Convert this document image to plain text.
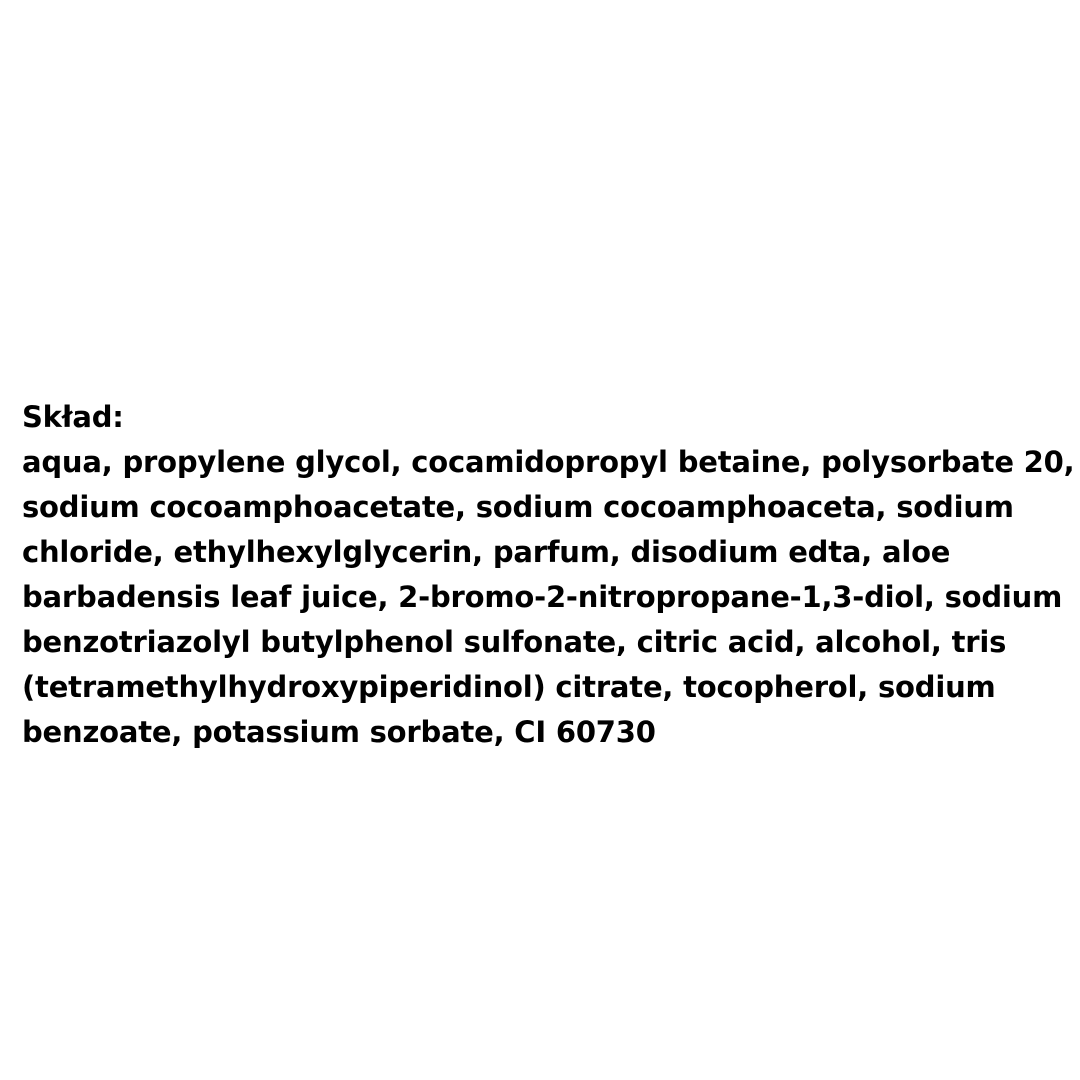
Skład:
aqua, propylene glycol, cocamidopropyl betaine, polysorbate 20,
sodium cocoamphoacetate, sodium cocoamphoaceta, sodium
chloride, ethylhexylglycerin, parfum, disodium edta, aloe
barbadensis leaf juice, 2-bromo-2-nitropropane-1,3-diol, sodium
benzotriazolyl butylphenol sulfonate, citric acid, alcohol, tris
(tetramethylhydroxypiperidinol) citrate, tocopherol, sodium
benzoate, potassium sorbate, CI 60730
